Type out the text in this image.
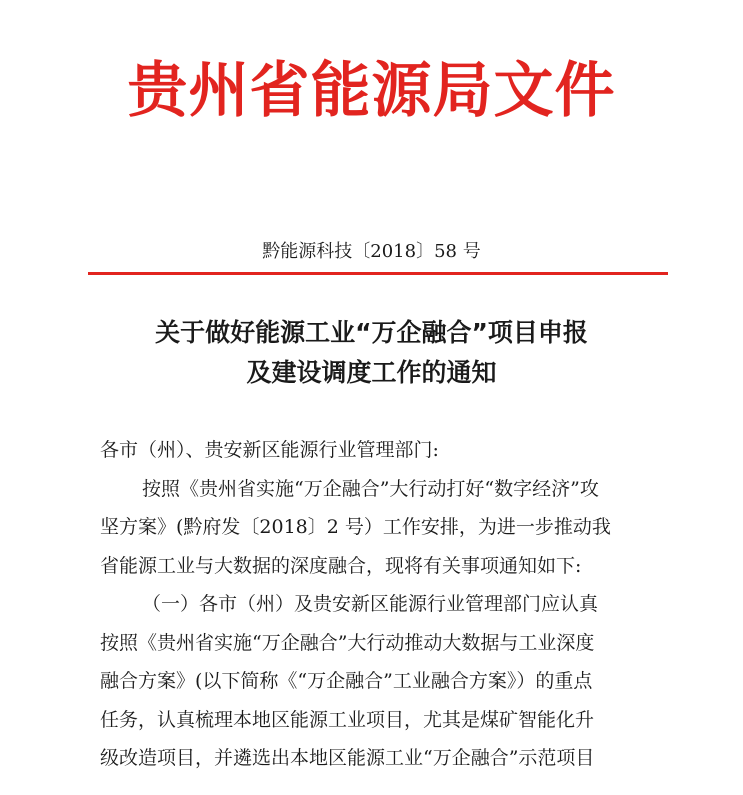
贵州省能源局文件
黔能源科技〔2018〕58 号
关于做好能源工业“万企融合”项目申报
及建设调度工作的通知
各市（州）、贵安新区能源行业管理部门:
按照《贵州省实施“万企融合”大行动打好“数字经济”攻
坚方案》(黔府发〔2018〕2 号）工作安排，为进一步推动我
省能源工业与大数据的深度融合，现将有关事项通知如下:
（一）各市（州）及贵安新区能源行业管理部门应认真
按照《贵州省实施“万企融合”大行动推动大数据与工业深度
融合方案》(以下简称《“万企融合”工业融合方案》）的重点
任务，认真梳理本地区能源工业项目，尤其是煤矿智能化升
级改造项目，并遴选出本地区能源工业“万企融合”示范项目
